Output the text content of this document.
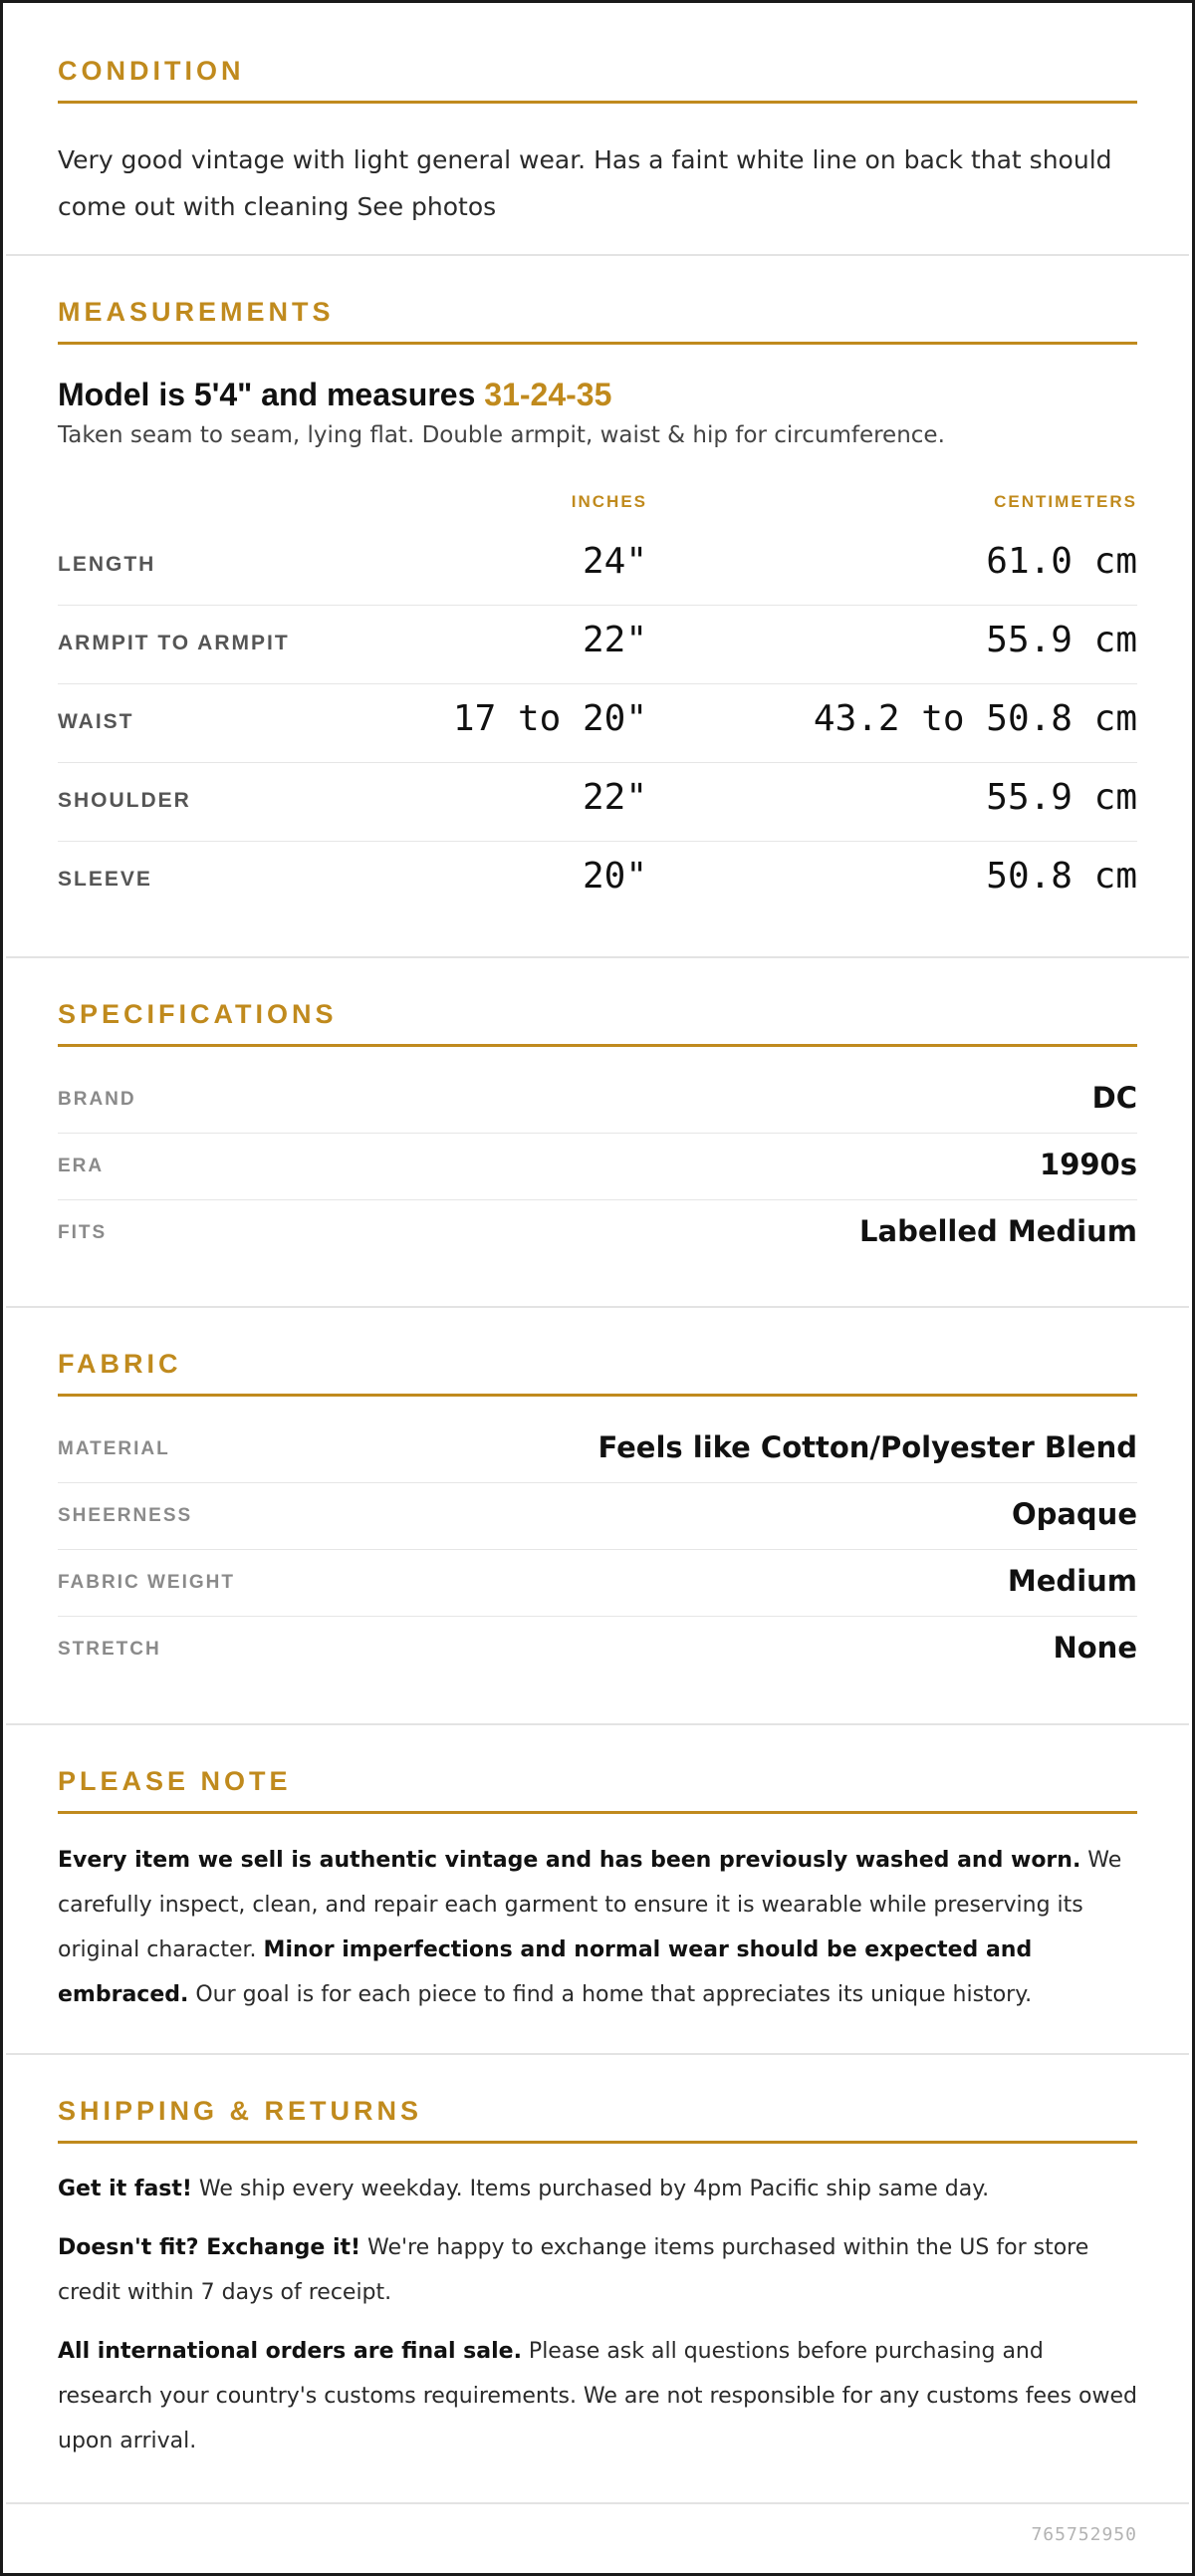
CONDITION
Very good vintage with light general wear. Has a faint white line on back that should come out with cleaning See photos
MEASUREMENTS
Model is 5'4" and measures 31-24-35
Taken seam to seam, lying flat. Double armpit, waist & hip for circumference.
INCHES	CENTIMETERS
LENGTH	24"	61.0 cm
ARMPIT TO ARMPIT	22"	55.9 cm
WAIST	17 to 20"	43.2 to 50.8 cm
SHOULDER	22"	55.9 cm
SLEEVE	20"	50.8 cm
SPECIFICATIONS
BRAND	DC
ERA	1990s
FITS	Labelled Medium
FABRIC
MATERIAL	Feels like Cotton/Polyester Blend
SHEERNESS	Opaque
FABRIC WEIGHT	Medium
STRETCH	None
PLEASE NOTE
Every item we sell is authentic vintage and has been previously washed and worn. We carefully inspect, clean, and repair each garment to ensure it is wearable while preserving its original character. Minor imperfections and normal wear should be expected and embraced. Our goal is for each piece to find a home that appreciates its unique history.
SHIPPING & RETURNS
Get it fast! We ship every weekday. Items purchased by 4pm Pacific ship same day.
Doesn't fit? Exchange it! We're happy to exchange items purchased within the US for store credit within 7 days of receipt.
All international orders are final sale. Please ask all questions before purchasing and research your country's customs requirements. We are not responsible for any customs fees owed upon arrival.
765752950
